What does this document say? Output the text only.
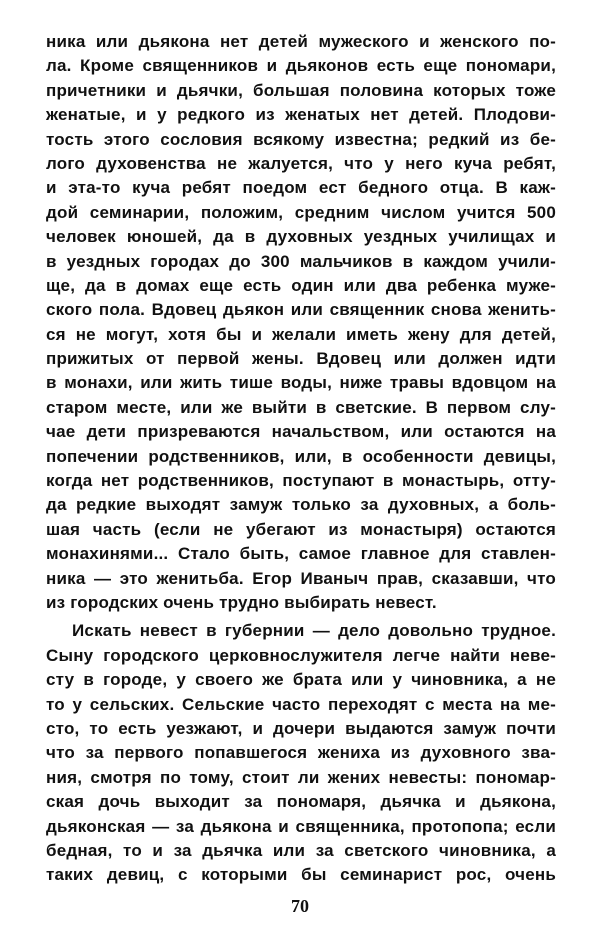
ника или дьякона нет детей мужеского и женского по-
ла. Кроме священников и дьяконов есть еще пономари,
причетники и дьячки, большая половина которых тоже
женатые, и у редкого из женатых нет детей. Плодови-
тость этого сословия всякому известна; редкий из бе-
лого духовенства не жалуется, что у него куча ребят,
и эта-то куча ребят поедом ест бедного отца. В каж-
дой семинарии, положим, средним числом учится 500
человек юношей, да в духовных уездных училищах и
в уездных городах до 300 мальчиков в каждом учили-
ще, да в домах еще есть один или два ребенка муже-
ского пола. Вдовец дьякон или священник снова женить-
ся не могут, хотя бы и желали иметь жену для детей,
прижитых от первой жены. Вдовец или должен идти
в монахи, или жить тише воды, ниже травы вдовцом на
старом месте, или же выйти в светские. В первом слу-
чае дети призреваются начальством, или остаются на
попечении родственников, или, в особенности девицы,
когда нет родственников, поступают в монастырь, отту-
да редкие выходят замуж только за духовных, а боль-
шая часть (если не убегают из монастыря) остаются
монахинями... Стало быть, самое главное для ставлен-
ника — это женитьба. Егор Иваныч прав, сказавши, что
из городских очень трудно выбирать невест.
Искать невест в губернии — дело довольно трудное.
Сыну городского церковнослужителя легче найти неве-
сту в городе, у своего же брата или у чиновника, а не
то у сельских. Сельские часто переходят с места на ме-
сто, то есть уезжают, и дочери выдаются замуж почти
что за первого попавшегося жениха из духовного зва-
ния, смотря по тому, стоит ли жених невесты: пономар-
ская дочь выходит за пономаря, дьячка и дьякона,
дьяконская — за дьякона и священника, протопопа; если
бедная, то и за дьячка или за светского чиновника, а
таких девиц, с которыми бы семинарист рос, очень
70
